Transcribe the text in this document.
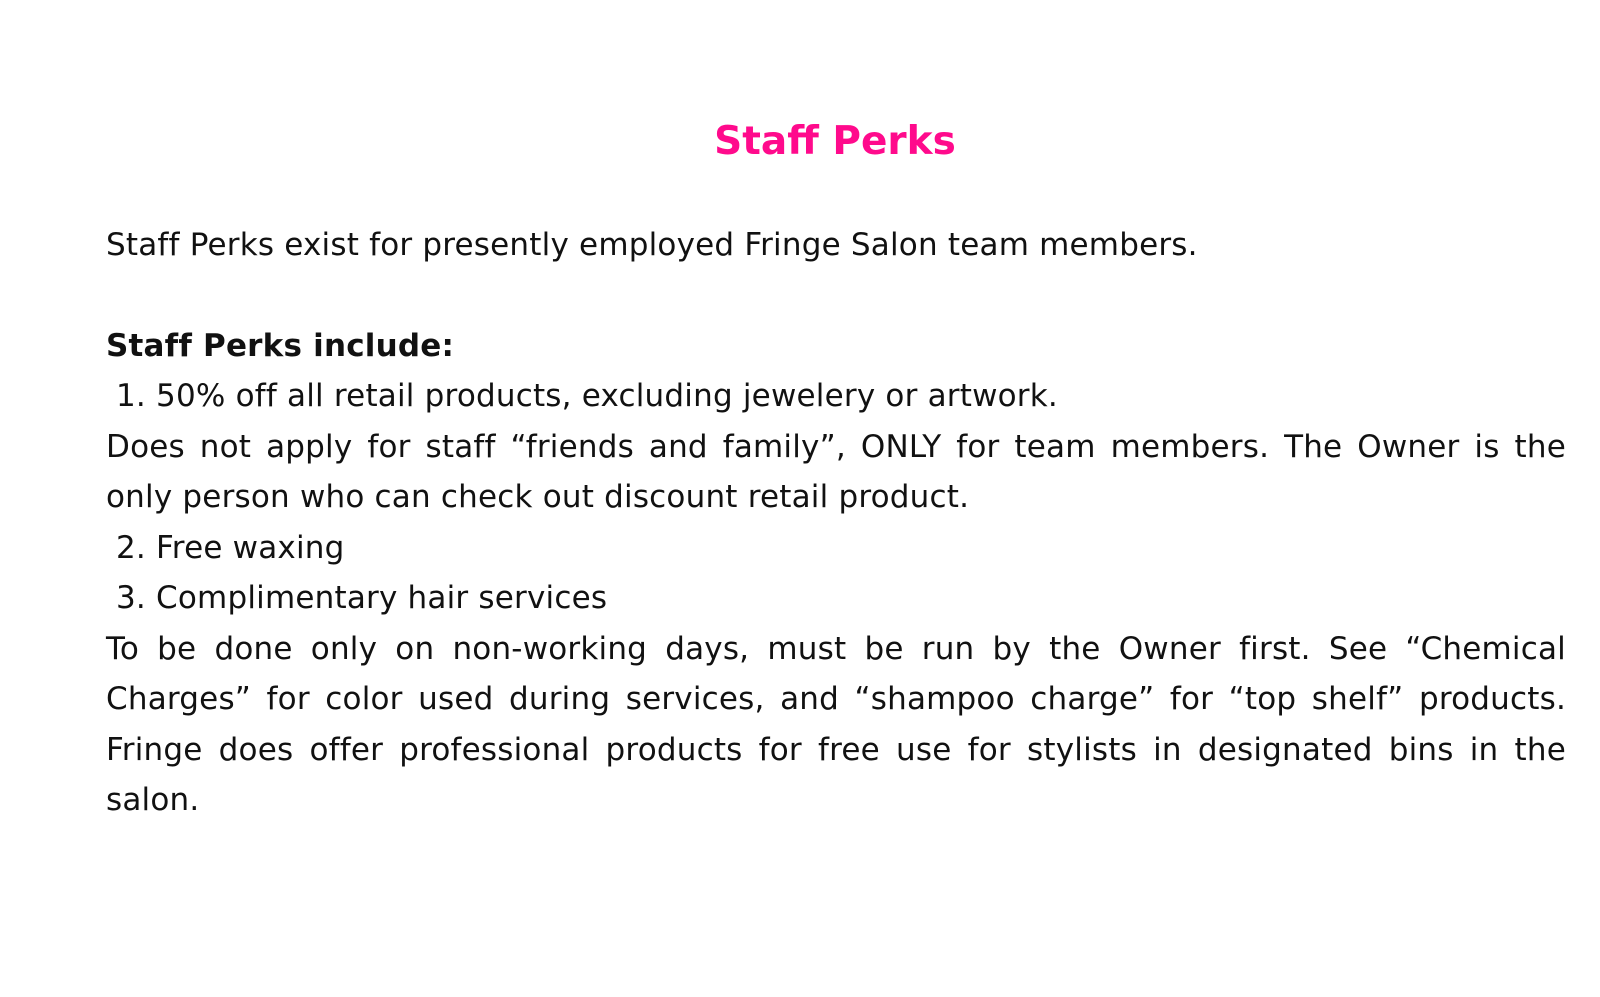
Staff Perks

Staff Perks exist for presently employed Fringe Salon team members.

Staff Perks include:

1. 50% off all retail products, excluding jewelery or artwork.

Does not apply for staff “friends and family”, ONLY for team members. The Owner is the only person who can check out discount retail product.

2. Free waxing

3. Complimentary hair services

To be done only on non-working days, must be run by the Owner first. See “Chemical Charges” for color used during services, and “shampoo charge” for “top shelf” products. Fringe does offer professional products for free use for stylists in designated bins in the salon.
